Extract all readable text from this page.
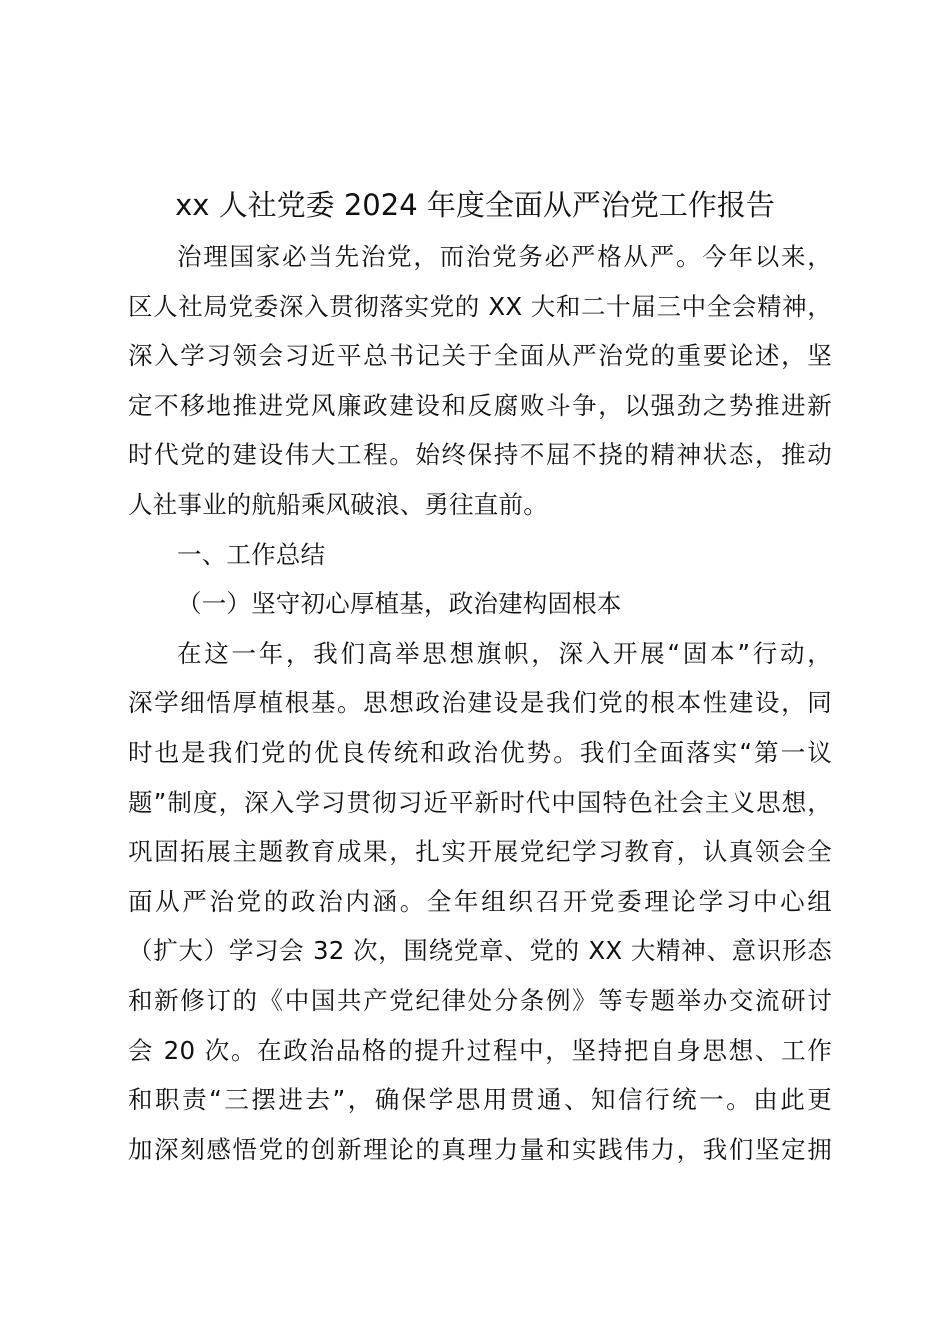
xx 人社党委 2024 年度全面从严治党工作报告
治理国家必当先治党，而治党务必严格从严。今年以来，
区人社局党委深入贯彻落实党的 XX 大和二十届三中全会精神，
深入学习领会习近平总书记关于全面从严治党的重要论述，坚
定不移地推进党风廉政建设和反腐败斗争，以强劲之势推进新
时代党的建设伟大工程。始终保持不屈不挠的精神状态，推动
人社事业的航船乘风破浪、勇往直前。
一、工作总结
（一）坚守初心厚植基，政治建构固根本
在这一年，我们高举思想旗帜，深入开展“固本”行动，
深学细悟厚植根基。思想政治建设是我们党的根本性建设，同
时也是我们党的优良传统和政治优势。我们全面落实“第一议
题”制度，深入学习贯彻习近平新时代中国特色社会主义思想，
巩固拓展主题教育成果，扎实开展党纪学习教育，认真领会全
面从严治党的政治内涵。全年组织召开党委理论学习中心组
（扩大）学习会 32 次，围绕党章、党的 XX 大精神、意识形态
和新修订的《中国共产党纪律处分条例》等专题举办交流研讨
会 20 次。在政治品格的提升过程中，坚持把自身思想、工作
和职责“三摆进去”，确保学思用贯通、知信行统一。由此更
加深刻感悟党的创新理论的真理力量和实践伟力，我们坚定拥
